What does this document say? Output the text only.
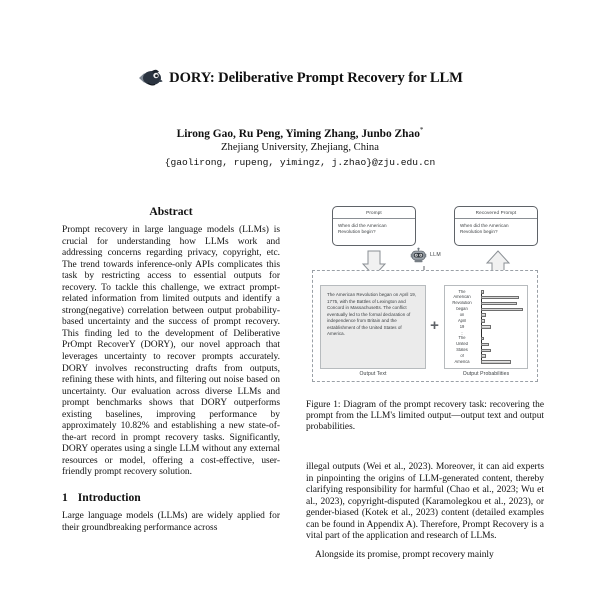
DORY: Deliberative Prompt Recovery for LLM
Lirong Gao, Ru Peng, Yiming Zhang, Junbo Zhao*
Zhejiang University, Zhejiang, China
{gaolirong, rupeng, yimingz, j.zhao}@zju.edu.cn
Abstract

Prompt recovery in large language models (LLMs) is crucial for understanding how LLMs work and addressing concerns regarding privacy, copyright, etc. The trend towards inference-only APIs complicates this task by restricting access to essential outputs for recovery. To tackle this challenge, we extract prompt-related information from limited outputs and identify a strong(negative) correlation between output probability-based uncertainty and the success of prompt recovery. This finding led to the development of Deliberative PrOmpt RecoverY (DORY), our novel approach that leverages uncertainty to recover prompts accurately. DORY involves reconstructing drafts from outputs, refining these with hints, and filtering out noise based on uncertainty. Our evaluation across diverse LLMs and prompt benchmarks shows that DORY outperforms existing baselines, improving performance by approximately 10.82% and establishing a new state-of-the-art record in prompt recovery tasks. Significantly, DORY operates using a single LLM without any external resources or model, offering a cost-effective, user-friendly prompt recovery solution.

1 Introduction

Large language models (LLMs) are widely applied for their groundbreaking performance across

Prompt
When did the American Revolution begin?
Recovered Prompt
When did the American Revolution begin?
LLM
The American Revolution began on April 19, 1775, with the Battles of Lexington and Concord in Massachusetts. The conflict eventually led to the formal declaration of independence from Britain and the establishment of the United States of America.
Output Text
+
The
American
Revolution
began
on
April
19
⋮
The
United
States
of
America
Output Probabilities
Figure 1: Diagram of the prompt recovery task: recovering the prompt from the LLM's limited output—output text and output probabilities.

illegal outputs (Wei et al., 2023). Moreover, it can aid experts in pinpointing the origins of LLM-generated content, thereby clarifying responsibility for harmful (Chao et al., 2023; Wu et al., 2023), copyright-disputed (Karamolegkou et al., 2023), or gender-biased (Kotek et al., 2023) content (detailed examples can be found in Appendix A). Therefore, Prompt Recovery is a vital part of the application and research of LLMs.

Alongside its promise, prompt recovery mainly
